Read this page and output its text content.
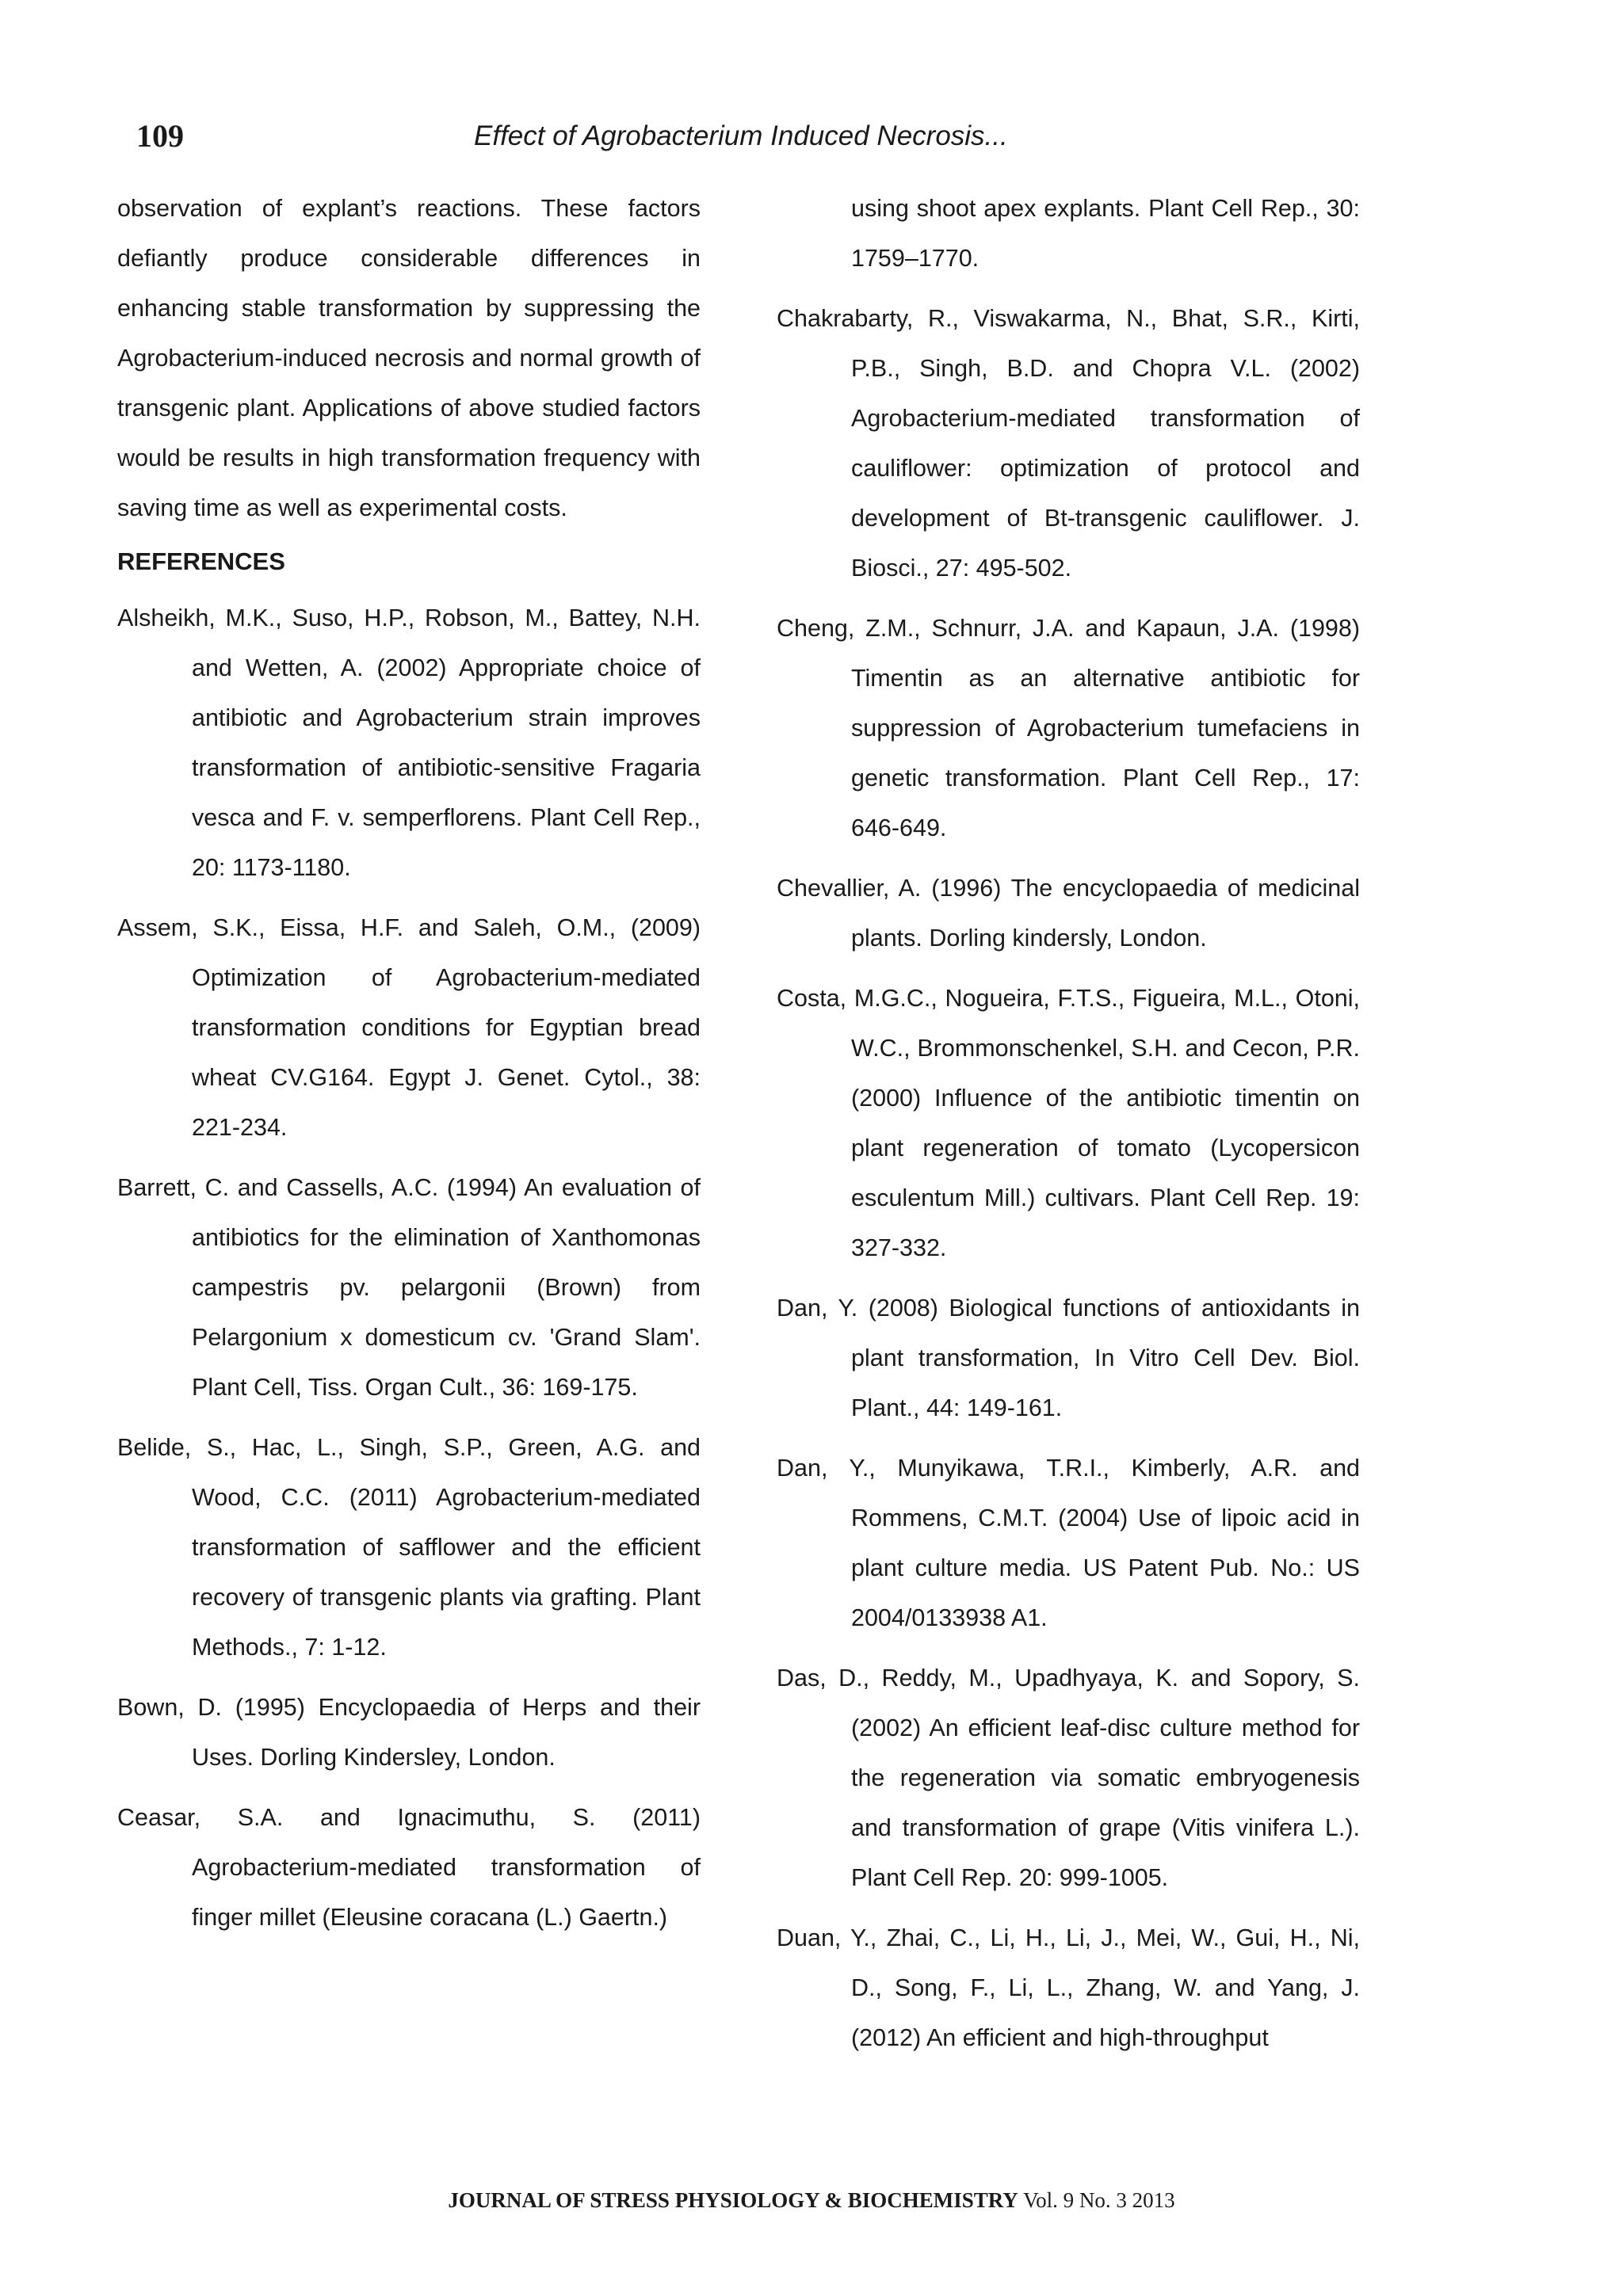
109	Effect of Agrobacterium Induced Necrosis...

observation of explant’s reactions. These factors defiantly produce considerable differences in enhancing stable transformation by suppressing the Agrobacterium-induced necrosis and normal growth of transgenic plant. Applications of above studied factors would be results in high transformation frequency with saving time as well as experimental costs.

REFERENCES

Alsheikh, M.K., Suso, H.P., Robson, M., Battey, N.H. and Wetten, A. (2002) Appropriate choice of antibiotic and Agrobacterium strain improves transformation of antibiotic-sensitive Fragaria vesca and F. v. semperflorens. Plant Cell Rep., 20: 1173-1180.

Assem, S.K., Eissa, H.F. and Saleh, O.M., (2009) Optimization of Agrobacterium-mediated transformation conditions for Egyptian bread wheat CV.G164. Egypt J. Genet. Cytol., 38: 221-234.

Barrett, C. and Cassells, A.C. (1994) An evaluation of antibiotics for the elimination of Xanthomonas campestris pv. pelargonii (Brown) from Pelargonium x domesticum cv. 'Grand Slam'. Plant Cell, Tiss. Organ Cult., 36: 169-175.

Belide, S., Hac, L., Singh, S.P., Green, A.G. and Wood, C.C. (2011) Agrobacterium-mediated transformation of safflower and the efficient recovery of transgenic plants via grafting. Plant Methods., 7: 1-12.

Bown, D. (1995) Encyclopaedia of Herps and their Uses. Dorling Kindersley, London.

Ceasar, S.A. and Ignacimuthu, S. (2011) Agrobacterium-mediated transformation of finger millet (Eleusine coracana (L.) Gaertn.)

using shoot apex explants. Plant Cell Rep., 30: 1759–1770.

Chakrabarty, R., Viswakarma, N., Bhat, S.R., Kirti, P.B., Singh, B.D. and Chopra V.L. (2002) Agrobacterium-mediated transformation of cauliflower: optimization of protocol and development of Bt-transgenic cauliflower. J. Biosci., 27: 495-502.

Cheng, Z.M., Schnurr, J.A. and Kapaun, J.A. (1998) Timentin as an alternative antibiotic for suppression of Agrobacterium tumefaciens in genetic transformation. Plant Cell Rep., 17: 646-649.

Chevallier, A. (1996) The encyclopaedia of medicinal plants. Dorling kindersly, London.

Costa, M.G.C., Nogueira, F.T.S., Figueira, M.L., Otoni, W.C., Brommonschenkel, S.H. and Cecon, P.R. (2000) Influence of the antibiotic timentin on plant regeneration of tomato (Lycopersicon esculentum Mill.) cultivars. Plant Cell Rep. 19: 327-332.

Dan, Y. (2008) Biological functions of antioxidants in plant transformation, In Vitro Cell Dev. Biol. Plant., 44: 149-161.

Dan, Y., Munyikawa, T.R.I., Kimberly, A.R. and Rommens, C.M.T. (2004) Use of lipoic acid in plant culture media. US Patent Pub. No.: US 2004/0133938 A1.

Das, D., Reddy, M., Upadhyaya, K. and Sopory, S. (2002) An efficient leaf-disc culture method for the regeneration via somatic embryogenesis and transformation of grape (Vitis vinifera L.). Plant Cell Rep. 20: 999-1005.

Duan, Y., Zhai, C., Li, H., Li, J., Mei, W., Gui, H., Ni, D., Song, F., Li, L., Zhang, W. and Yang, J. (2012) An efficient and high-throughput

JOURNAL OF STRESS PHYSIOLOGY & BIOCHEMISTRY Vol. 9 No. 3 2013
